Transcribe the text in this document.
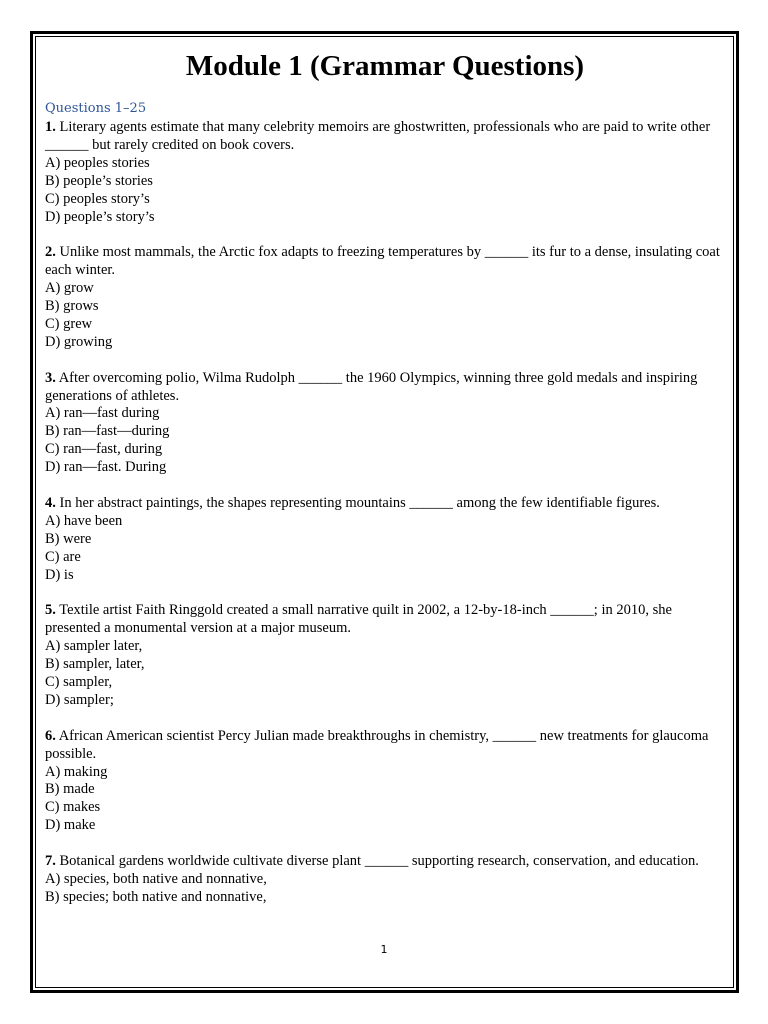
Module 1 (Grammar Questions)
Questions 1–25
1. Literary agents estimate that many celebrity memoirs are ghostwritten, professionals who are paid to write other ______ but rarely credited on book covers.
A) peoples stories
B) people’s stories
C) peoples story’s
D) people’s story’s
2. Unlike most mammals, the Arctic fox adapts to freezing temperatures by ______ its fur to a dense, insulating coat each winter.
A) grow
B) grows
C) grew
D) growing
3. After overcoming polio, Wilma Rudolph ______ the 1960 Olympics, winning three gold medals and inspiring generations of athletes.
A) ran—fast during
B) ran—fast—during
C) ran—fast, during
D) ran—fast. During
4. In her abstract paintings, the shapes representing mountains ______ among the few identifiable figures.
A) have been
B) were
C) are
D) is
5. Textile artist Faith Ringgold created a small narrative quilt in 2002, a 12-by-18-inch ______; in 2010, she presented a monumental version at a major museum.
A) sampler later,
B) sampler, later,
C) sampler,
D) sampler;
6. African American scientist Percy Julian made breakthroughs in chemistry, ______ new treatments for glaucoma possible.
A) making
B) made
C) makes
D) make
7. Botanical gardens worldwide cultivate diverse plant ______ supporting research, conservation, and education.
A) species, both native and nonnative,
B) species; both native and nonnative,
1
